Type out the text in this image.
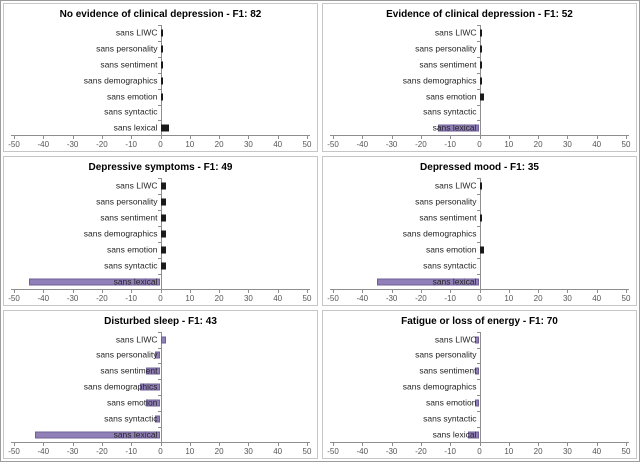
No evidence of clinical depression - F1: 82
sans LIWC
sans personality
sans sentiment
sans demographics
sans emotion
sans syntactic
sans lexical
-50 -40 -30 -20 -10	0	10	20	30	40	50
Evidence of clinical depression - F1: 52
sans LIWC
sans personality
sans sentiment
sans demographics
sans emotion
sans syntactic
sans lexical
-50 -40 -30 -20 -10	0	10	20	30	40	50
Depressive symptoms - F1: 49
sans LIWC
sans personality
sans sentiment
sans demographics
sans emotion
sans syntactic
sans lexical
-50 -40 -30 -20 -10	0	10	20	30	40	50
Depressed mood - F1: 35
sans LIWC
sans personality
sans sentiment
sans demographics
sans emotion
sans syntactic
sans lexical
-50 -40 -30 -20 -10	0	10	20	30	40	50
Disturbed sleep - F1: 43
sans LIWC
sans personality
sans sentiment
sans demographics
sans emotion
sans syntactic
sans lexical
-50 -40 -30 -20 -10	0	10	20	30	40	50
Fatigue or loss of energy - F1: 70
sans LIWC
sans personality
sans sentiment
sans demographics
sans emotion
sans syntactic
sans lexical
-50 -40 -30 -20 -10	0	10	20	30	40	50
